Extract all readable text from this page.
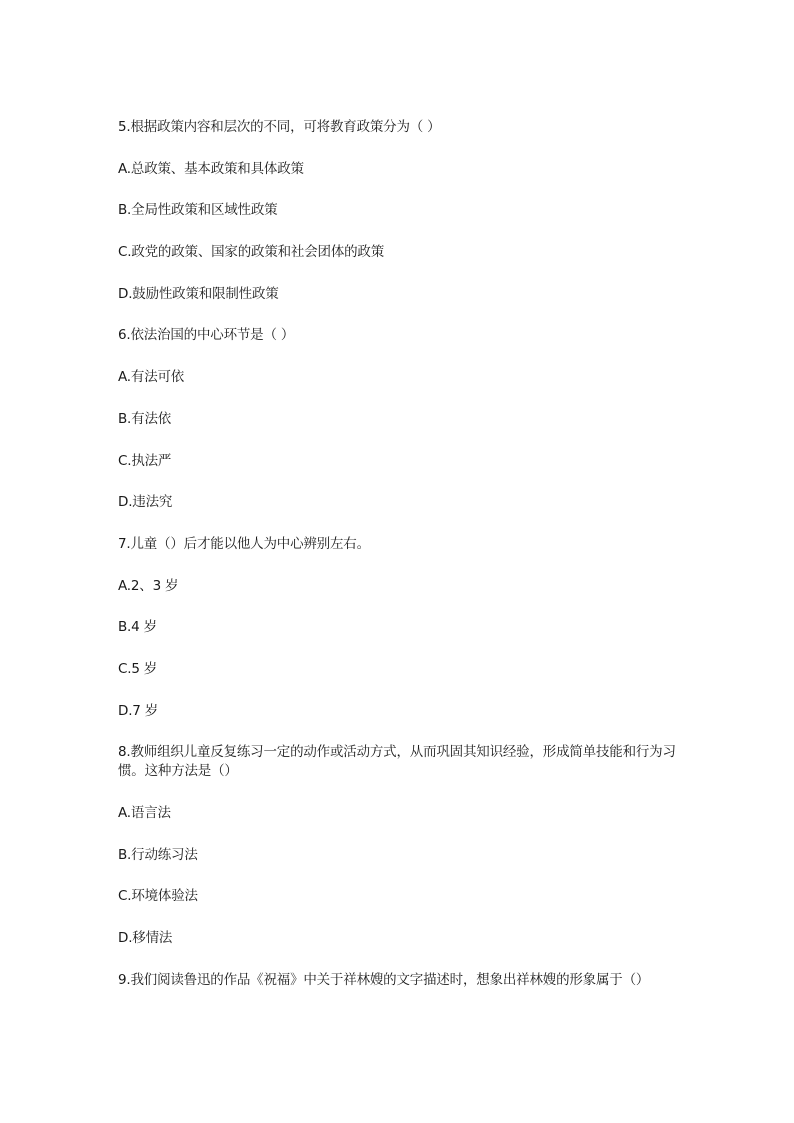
5.根据政策内容和层次的不同，可将教育政策分为（ ）

A.总政策、基本政策和具体政策

B.全局性政策和区域性政策

C.政党的政策、国家的政策和社会团体的政策

D.鼓励性政策和限制性政策

6.依法治国的中心环节是（ ）

A.有法可依

B.有法依

C.执法严

D.违法究

7.儿童（）后才能以他人为中心辨别左右。

A.2、3 岁

B.4 岁

C.5 岁

D.7 岁

8.教师组织儿童反复练习一定的动作或活动方式，从而巩固其知识经验，形成简单技能和行为习惯。这种方法是（）

A.语言法

B.行动练习法

C.环境体验法

D.移情法

9.我们阅读鲁迅的作品《祝福》中关于祥林嫂的文字描述时，想象出祥林嫂的形象属于（）
